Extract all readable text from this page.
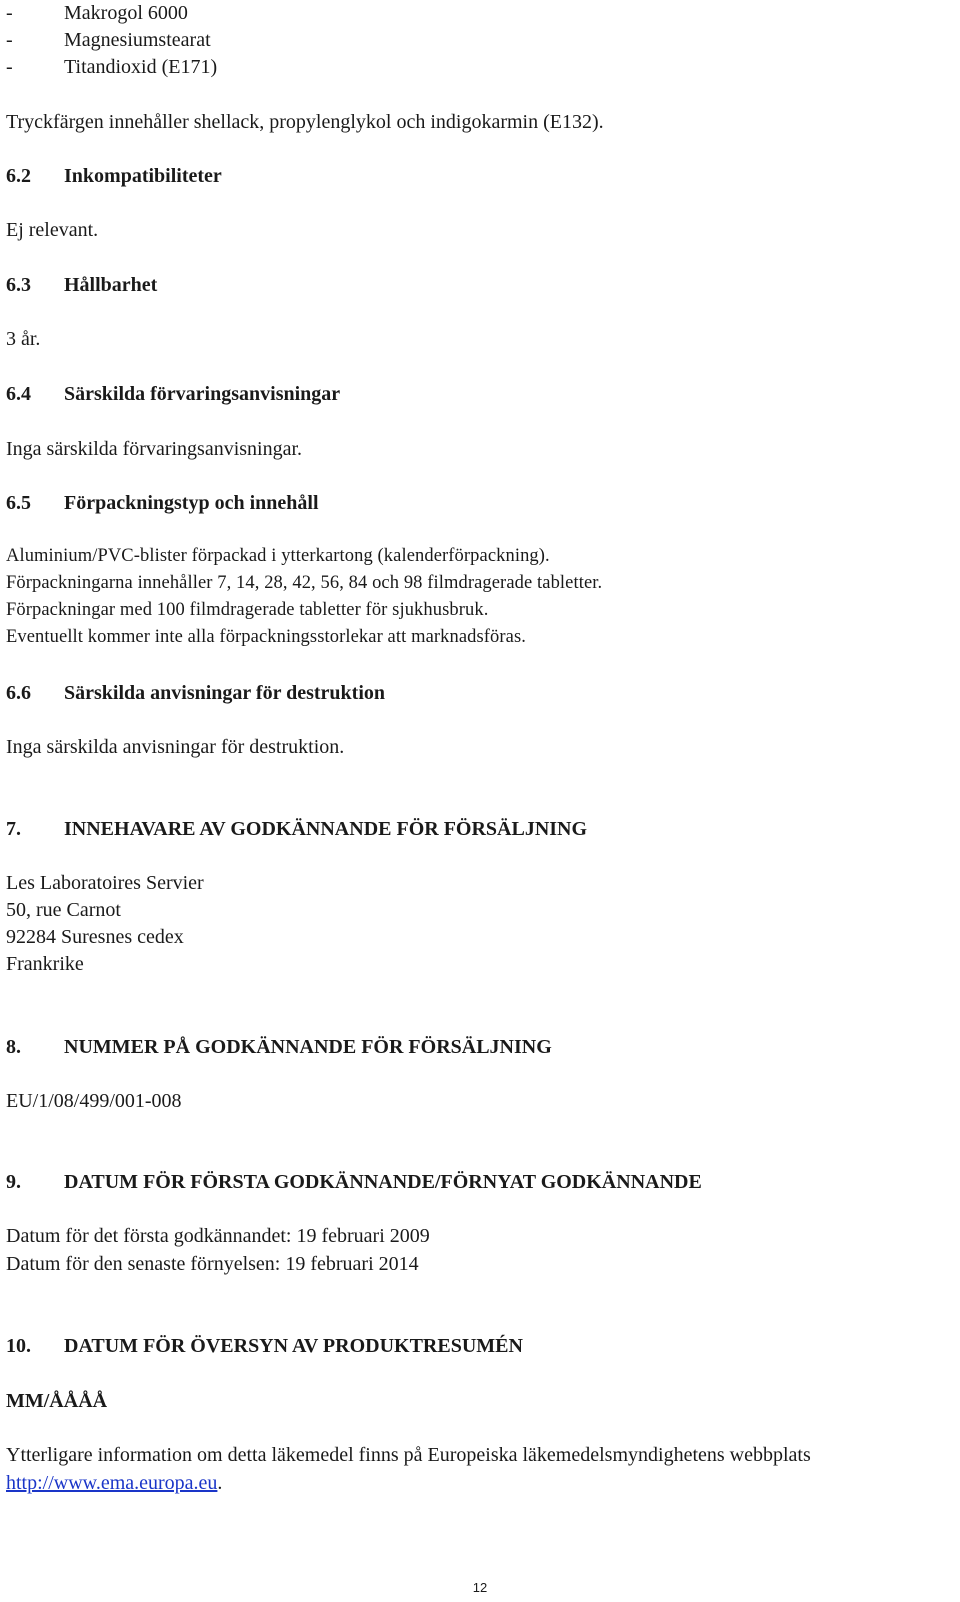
-	Makrogol 6000
-	Magnesiumstearat
-	Titandioxid (E171)
Tryckfärgen innehåller shellack, propylenglykol och indigokarmin (E132).
6.2 Inkompatibiliteter
Ej relevant.
6.3 Hållbarhet
3 år.
6.4 Särskilda förvaringsanvisningar
Inga särskilda förvaringsanvisningar.
6.5 Förpackningstyp och innehåll
Aluminium/PVC-blister förpackad i ytterkartong (kalenderförpackning).
Förpackningarna innehåller 7, 14, 28, 42, 56, 84 och 98 filmdragerade tabletter.
Förpackningar med 100 filmdragerade tabletter för sjukhusbruk.
Eventuellt kommer inte alla förpackningsstorlekar att marknadsföras.
6.6 Särskilda anvisningar för destruktion
Inga särskilda anvisningar för destruktion.
7. INNEHAVARE AV GODKÄNNANDE FÖR FÖRSÄLJNING
Les Laboratoires Servier
50, rue Carnot
92284 Suresnes cedex
Frankrike
8. NUMMER PÅ GODKÄNNANDE FÖR FÖRSÄLJNING
EU/1/08/499/001-008
9. DATUM FÖR FÖRSTA GODKÄNNANDE/FÖRNYAT GODKÄNNANDE
Datum för det första godkännandet: 19 februari 2009
Datum för den senaste förnyelsen: 19 februari 2014
10. DATUM FÖR ÖVERSYN AV PRODUKTRESUMÉN
MM/ÅÅÅÅ
Ytterligare information om detta läkemedel finns på Europeiska läkemedelsmyndighetens webbplats
http://www.ema.europa.eu.
12
